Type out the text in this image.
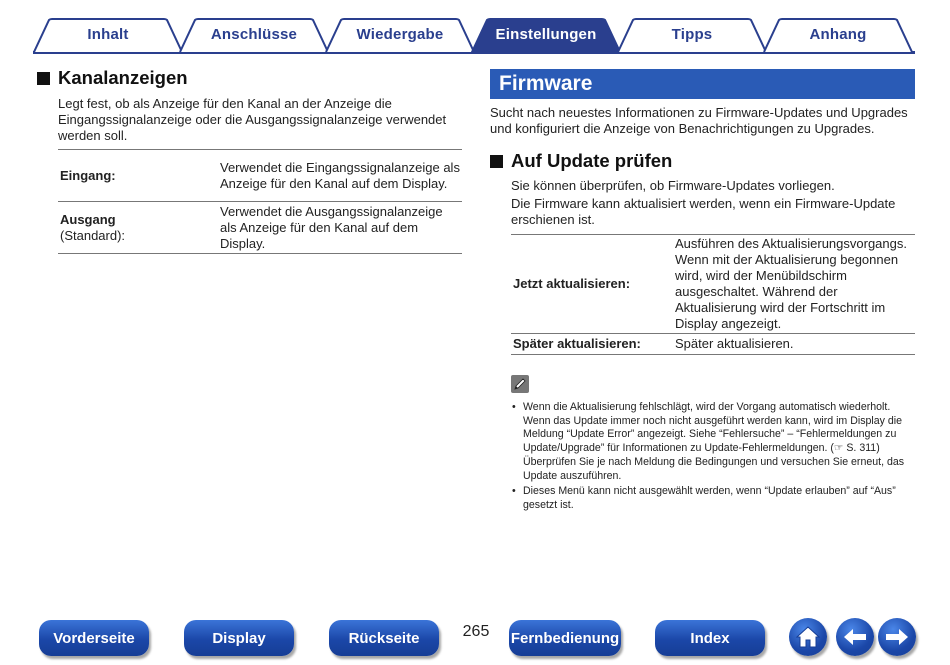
Inhalt	Anschlüsse	Wiedergabe	Einstellungen	Tipps	Anhang
Kanalanzeigen
Legt fest, ob als Anzeige für den Kanal an der Anzeige die Eingangssignalanzeige oder die Ausgangssignalanzeige verwendet werden soll.
Eingang:	Verwendet die Eingangssignalanzeige als Anzeige für den Kanal auf dem Display.

Ausgang
(Standard):	Verwendet die Ausgangssignalanzeige als Anzeige für den Kanal auf dem Display.
Firmware
Sucht nach neuestes Informationen zu Firmware-Updates und Upgrades und konfiguriert die Anzeige von Benachrichtigungen zu Upgrades.
Auf Update prüfen
Sie können überprüfen, ob Firmware-Updates vorliegen.
Die Firmware kann aktualisiert werden, wenn ein Firmware-Update erschienen ist.
Jetzt aktualisieren:	Ausführen des Aktualisierungsvorgangs. Wenn mit der Aktualisierung begonnen wird, wird der Menübildschirm ausgeschaltet. Während der Aktualisierung wird der Fortschritt im Display angezeigt.
Später aktualisieren:	Später aktualisieren.
• Wenn die Aktualisierung fehlschlägt, wird der Vorgang automatisch wiederholt. Wenn das Update immer noch nicht ausgeführt werden kann, wird im Display die Meldung “Update Error” angezeigt. Siehe “Fehlersuche” – “Fehlermeldungen zu Update/Upgrade” für Informationen zu Update-Fehlermeldungen. (☞ S. 311) Überprüfen Sie je nach Meldung die Bedingungen und versuchen Sie erneut, das Update auszuführen.
• Dieses Menü kann nicht ausgewählt werden, wenn “Update erlauben” auf “Aus” gesetzt ist.
Vorderseite	Display	Rückseite	265	Fernbedienung	Index
